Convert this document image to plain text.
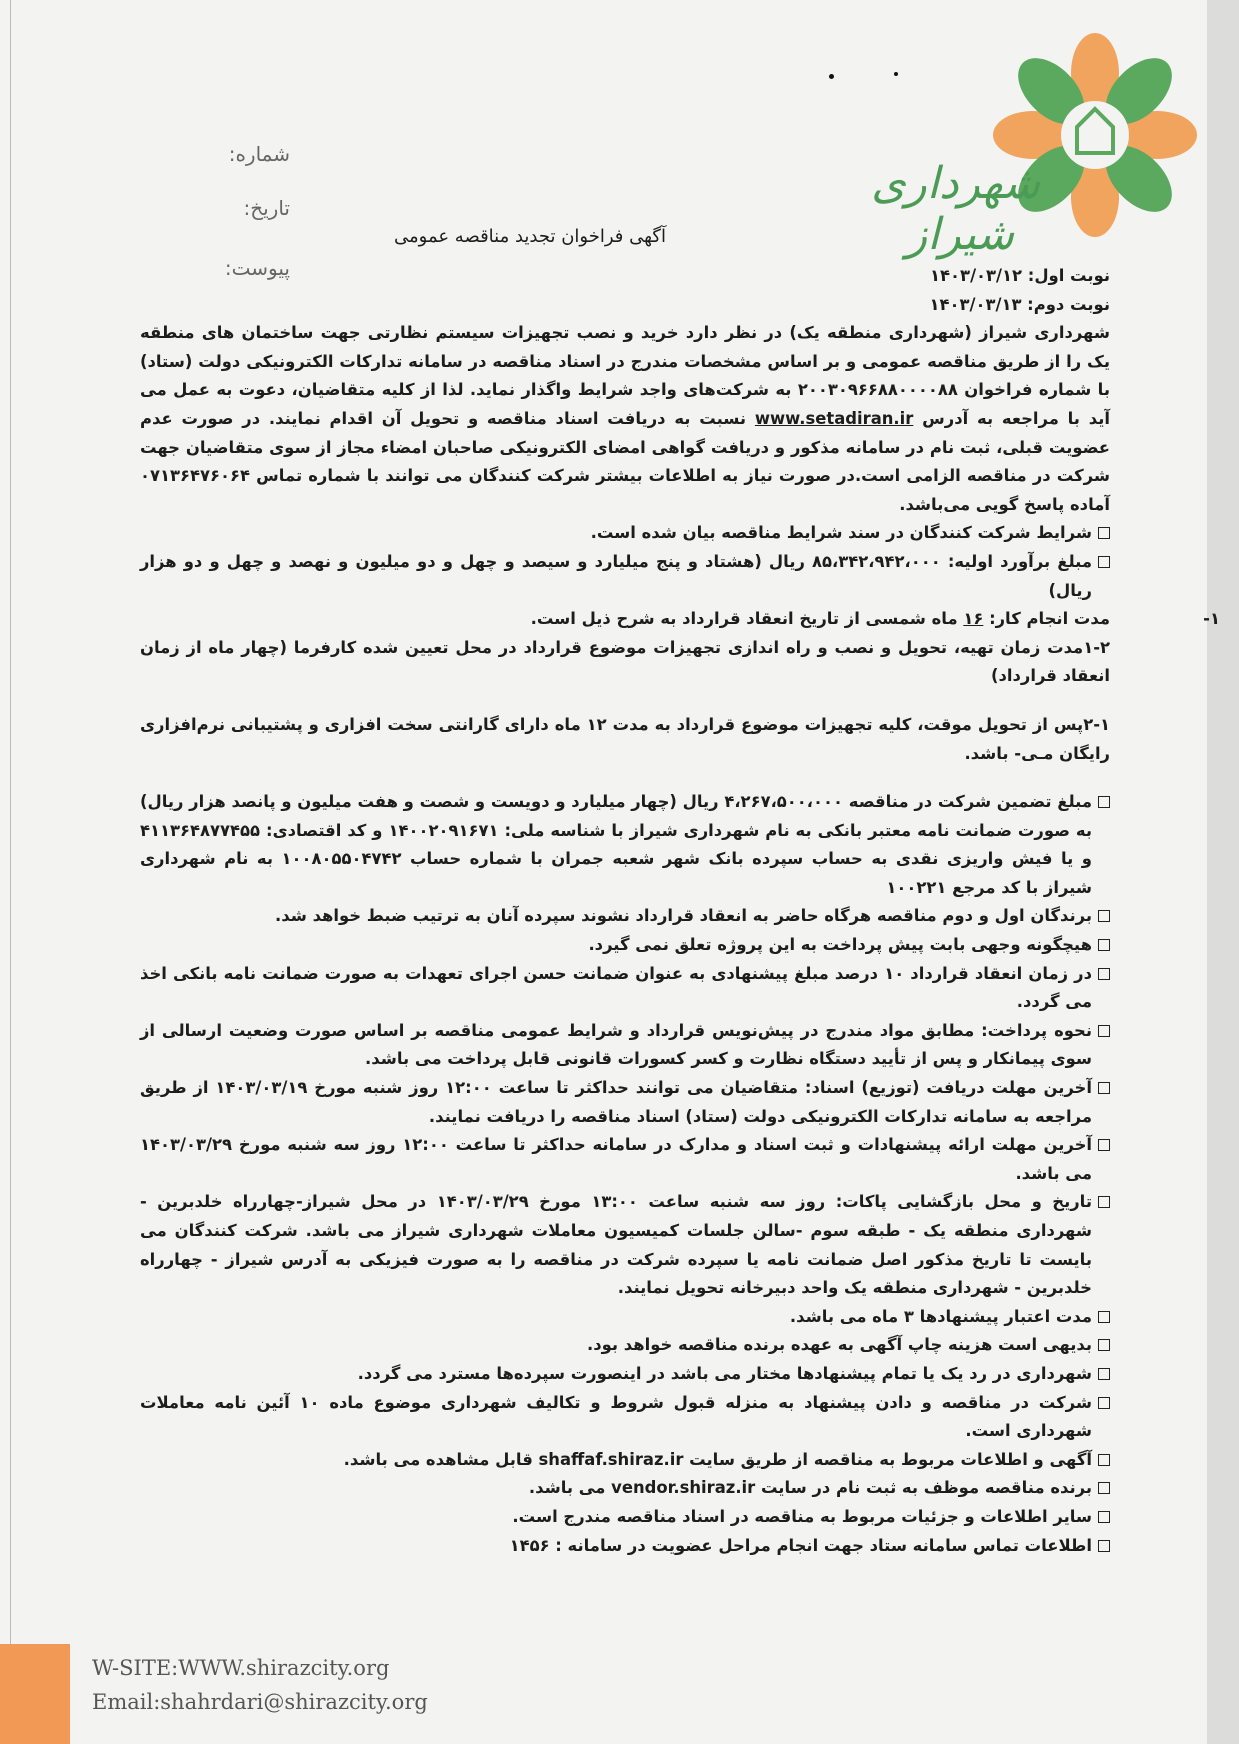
شهرداری شیراز
شماره:
تاریخ:
پیوست:
آگهی فراخوان تجدید مناقصه عمومی

نوبت اول: ۱۴۰۳/۰۳/۱۲

نوبت دوم: ۱۴۰۳/۰۳/۱۳

شهرداری شیراز (شهرداری منطقه یک) در نظر دارد خرید و نصب تجهیزات سیستم نظارتی جهت ساختمان های منطقه یک را از طریق مناقصه عمومی و بر اساس مشخصات مندرج در اسناد مناقصه در سامانه تدارکات الکترونیکی دولت (ستاد) با شماره فراخوان ۲۰۰۳۰۹۶۶۸۸۰۰۰۰۸۸ به شرکت‌های واجد شرایط واگذار نماید. لذا از کلیه متقاضیان، دعوت به عمل می آید با مراجعه به آدرس www.setadiran.ir نسبت به دریافت اسناد مناقصه و تحویل آن اقدام نمایند. در صورت عدم عضویت قبلی، ثبت نام در سامانه مذکور و دریافت گواهی امضای الکترونیکی صاحبان امضاء مجاز از سوی متقاضیان جهت شرکت در مناقصه الزامی است.در صورت نیاز به اطلاعات بیشتر شرکت کنندگان می توانند با شماره تماس ۰۷۱۳۶۴۷۶۰۶۴ آماده پاسخ گویی می‌باشد.

شرایط شرکت کنندگان در سند شرایط مناقصه بیان شده است.
مبلغ برآورد اولیه: ۸۵،۳۴۲،۹۴۲،۰۰۰ ریال (هشتاد و پنج میلیارد و سیصد و چهل و دو میلیون و نهصد و چهل و دو هزار ریال)
۱-
مدت انجام کار: ۱۶ ماه شمسی از تاریخ انعقاد قرارداد به شرح ذیل است.

۱-۲مدت زمان تهیه، تحویل و نصب و راه اندازی تجهیزات موضوع قرارداد در محل تعیین شده کارفرما (چهار ماه از زمان انعقاد قرارداد)

۲-۱پس از تحویل موقت، کلیه تجهیزات موضوع قرارداد به مدت ۱۲ ماه دارای گارانتی سخت افزاری و پشتیبانی نرم‌افزاری رایگان مـی- باشد.

مبلغ تضمین شرکت در مناقصه ۴،۲۶۷،۵۰۰،۰۰۰ ریال (چهار میلیارد و دویست و شصت و هفت میلیون و پانصد هزار ریال) به صورت ضمانت نامه معتبر بانکی به نام شهرداری شیراز با شناسه ملی: ۱۴۰۰۲۰۹۱۶۷۱ و کد اقتصادی: ۴۱۱۳۶۴۸۷۷۴۵۵ و یا فیش واریزی نقدی به حساب سپرده بانک شهر شعبه جمران با شماره حساب ۱۰۰۸۰۵۵۰۴۷۴۲ به نام شهرداری شیراز با کد مرجع ۱۰۰۲۲۱
برندگان اول و دوم مناقصه هرگاه حاضر به انعقاد قرارداد نشوند سپرده آنان به ترتیب ضبط خواهد شد.
هیچگونه وجهی بابت پیش پرداخت به این پروژه تعلق نمی گیرد.
در زمان انعقاد قرارداد ۱۰ درصد مبلغ پیشنهادی به عنوان ضمانت حسن اجرای تعهدات به صورت ضمانت نامه بانکی اخذ می گردد.
نحوه پرداخت: مطابق مواد مندرج در پیش‌نویس قرارداد و شرایط عمومی مناقصه بر اساس صورت وضعیت ارسالی از سوی پیمانکار و پس از تأیید دستگاه نظارت و کسر کسورات قانونی قابل پرداخت می باشد.
آخرین مهلت دریافت (توزیع) اسناد: متقاضیان می توانند حداکثر تا ساعت ۱۲:۰۰ روز شنبه مورخ ۱۴۰۳/۰۳/۱۹ از طریق مراجعه به سامانه تدارکات الکترونیکی دولت (ستاد) اسناد مناقصه را دریافت نمایند.
آخرین مهلت ارائه پیشنهادات و ثبت اسناد و مدارک در سامانه حداکثر تا ساعت ۱۲:۰۰ روز سه شنبه مورخ ۱۴۰۳/۰۳/۲۹ می باشد.
تاریخ و محل بازگشایی پاکات: روز سه شنبه ساعت ۱۳:۰۰ مورخ ۱۴۰۳/۰۳/۲۹ در محل شیراز-چهارراه خلدبرین - شهرداری منطقه یک - طبقه سوم -سالن جلسات کمیسیون معاملات شهرداری شیراز می باشد. شرکت کنندگان می بایست تا تاریخ مذکور اصل ضمانت نامه یا سپرده شرکت در مناقصه را به صورت فیزیکی به آدرس شیراز - چهارراه خلدبرین - شهرداری منطقه یک واحد دبیرخانه تحویل نمایند.
مدت اعتبار پیشنهادها ۳ ماه می باشد.
بدیهی است هزینه چاپ آگهی به عهده برنده مناقصه خواهد بود.
شهرداری در رد یک یا تمام پیشنهادها مختار می باشد در اینصورت سپرده‌ها مسترد می گردد.
شرکت در مناقصه و دادن پیشنهاد به منزله قبول شروط و تکالیف شهرداری موضوع ماده ۱۰ آئین نامه معاملات شهرداری است.
آگهی و اطلاعات مربوط به مناقصه از طریق سایت shaffaf.shiraz.ir قابل مشاهده می باشد.
برنده مناقصه موظف به ثبت نام در سایت vendor.shiraz.ir می باشد.
سایر اطلاعات و جزئیات مربوط به مناقصه در اسناد مناقصه مندرج است.
اطلاعات تماس سامانه ستاد جهت انجام مراحل عضویت در سامانه : ۱۴۵۶
W-SITE:WWW.shirazcity.org
Email:shahrdari@shirazcity.org
